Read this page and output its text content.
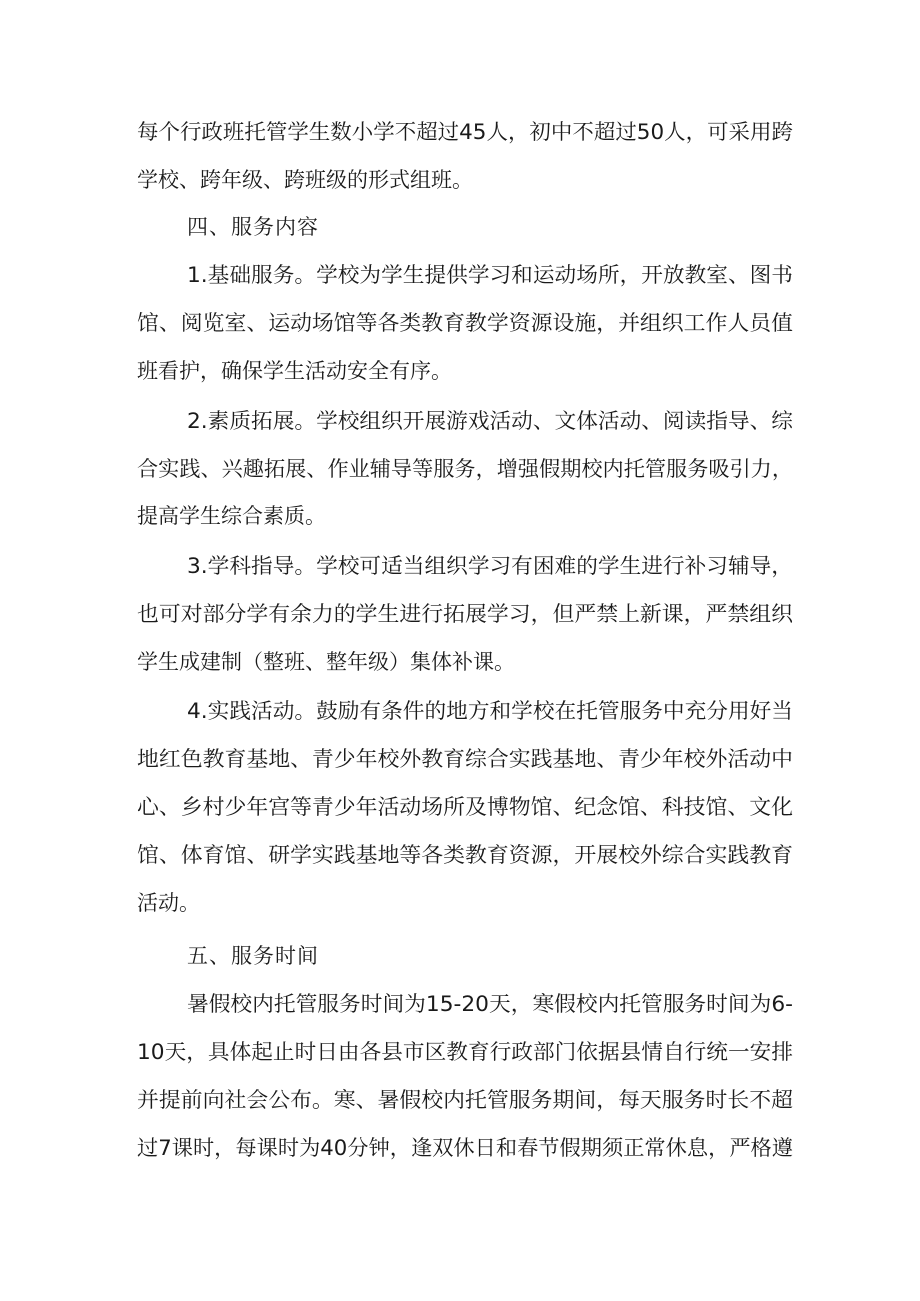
每个行政班托管学生数小学不超过45人，初中不超过50人，可采用跨
学校、跨年级、跨班级的形式组班。
四、服务内容
1.基础服务。学校为学生提供学习和运动场所，开放教室、图书
馆、阅览室、运动场馆等各类教育教学资源设施，并组织工作人员值
班看护，确保学生活动安全有序。
2.素质拓展。学校组织开展游戏活动、文体活动、阅读指导、综
合实践、兴趣拓展、作业辅导等服务，增强假期校内托管服务吸引力，
提高学生综合素质。
3.学科指导。学校可适当组织学习有困难的学生进行补习辅导，
也可对部分学有余力的学生进行拓展学习，但严禁上新课，严禁组织
学生成建制（整班、整年级）集体补课。
4.实践活动。鼓励有条件的地方和学校在托管服务中充分用好当
地红色教育基地、青少年校外教育综合实践基地、青少年校外活动中
心、乡村少年宫等青少年活动场所及博物馆、纪念馆、科技馆、文化
馆、体育馆、研学实践基地等各类教育资源，开展校外综合实践教育
活动。
五、服务时间
暑假校内托管服务时间为15-20天，寒假校内托管服务时间为6-
10天，具体起止时日由各县市区教育行政部门依据县情自行统一安排
并提前向社会公布。寒、暑假校内托管服务期间，每天服务时长不超
过7课时，每课时为40分钟，逢双休日和春节假期须正常休息，严格遵
